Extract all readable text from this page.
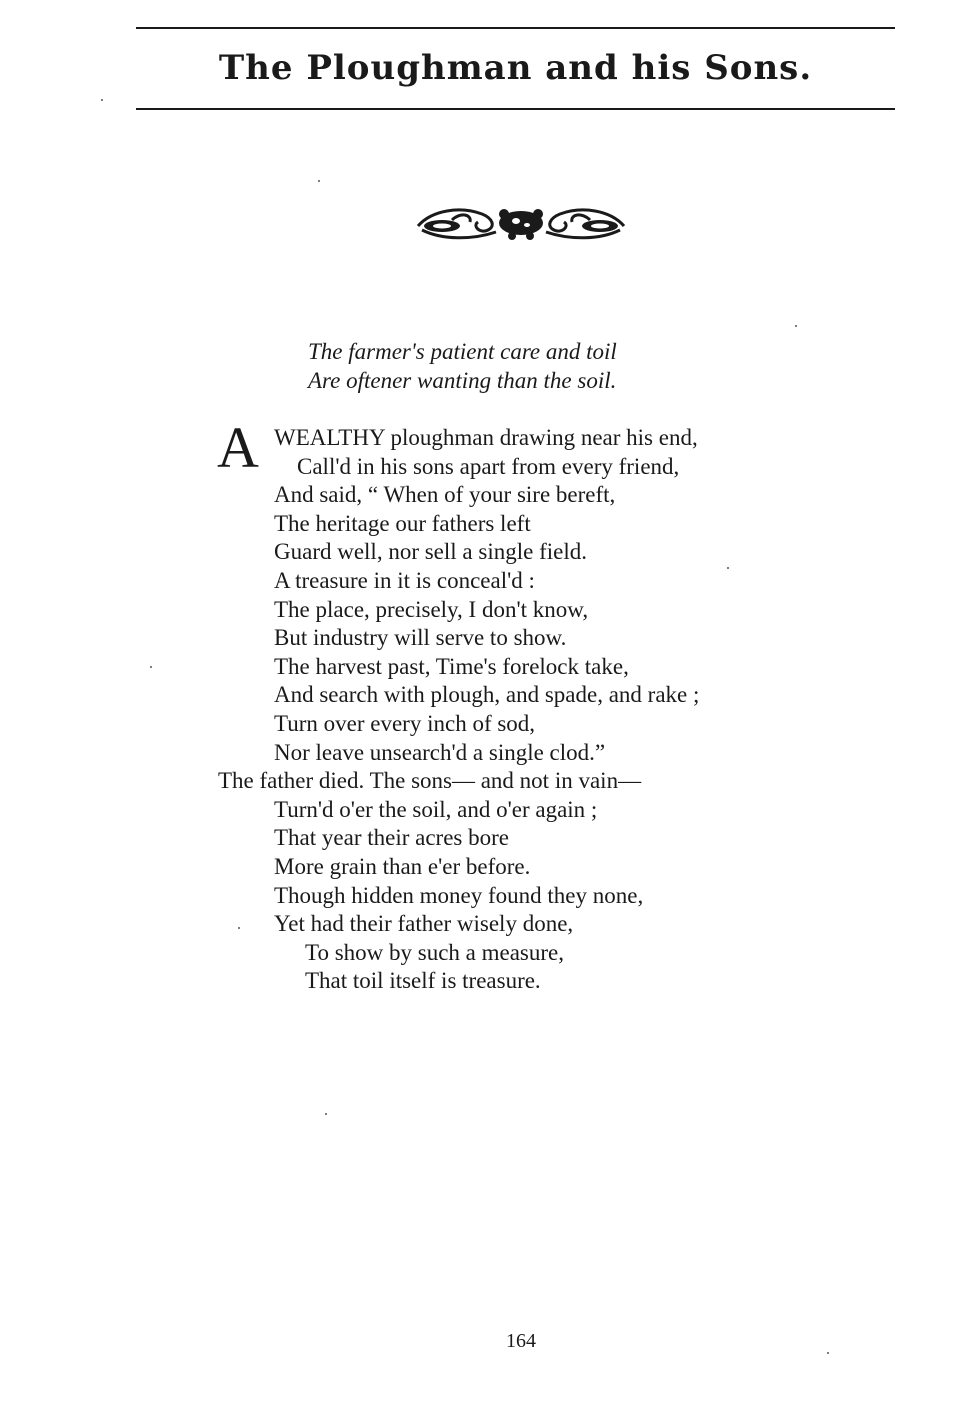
The Ploughman and his Sons.
The farmer's patient care and toil
Are oftener wanting than the soil.
A WEALTHY ploughman drawing near his end,
Call'd in his sons apart from every friend,
And said, “ When of your sire bereft,
The heritage our fathers left
Guard well, nor sell a single field.
A treasure in it is conceal'd :
The place, precisely, I don't know,
But industry will serve to show.
The harvest past, Time's forelock take,
And search with plough, and spade, and rake ;
Turn over every inch of sod,
Nor leave unsearch'd a single clod.”
The father died. The sons— and not in vain—
Turn'd o'er the soil, and o'er again ;
That year their acres bore
More grain than e'er before.
Though hidden money found they none,
Yet had their father wisely done,
To show by such a measure,
That toil itself is treasure.
164
